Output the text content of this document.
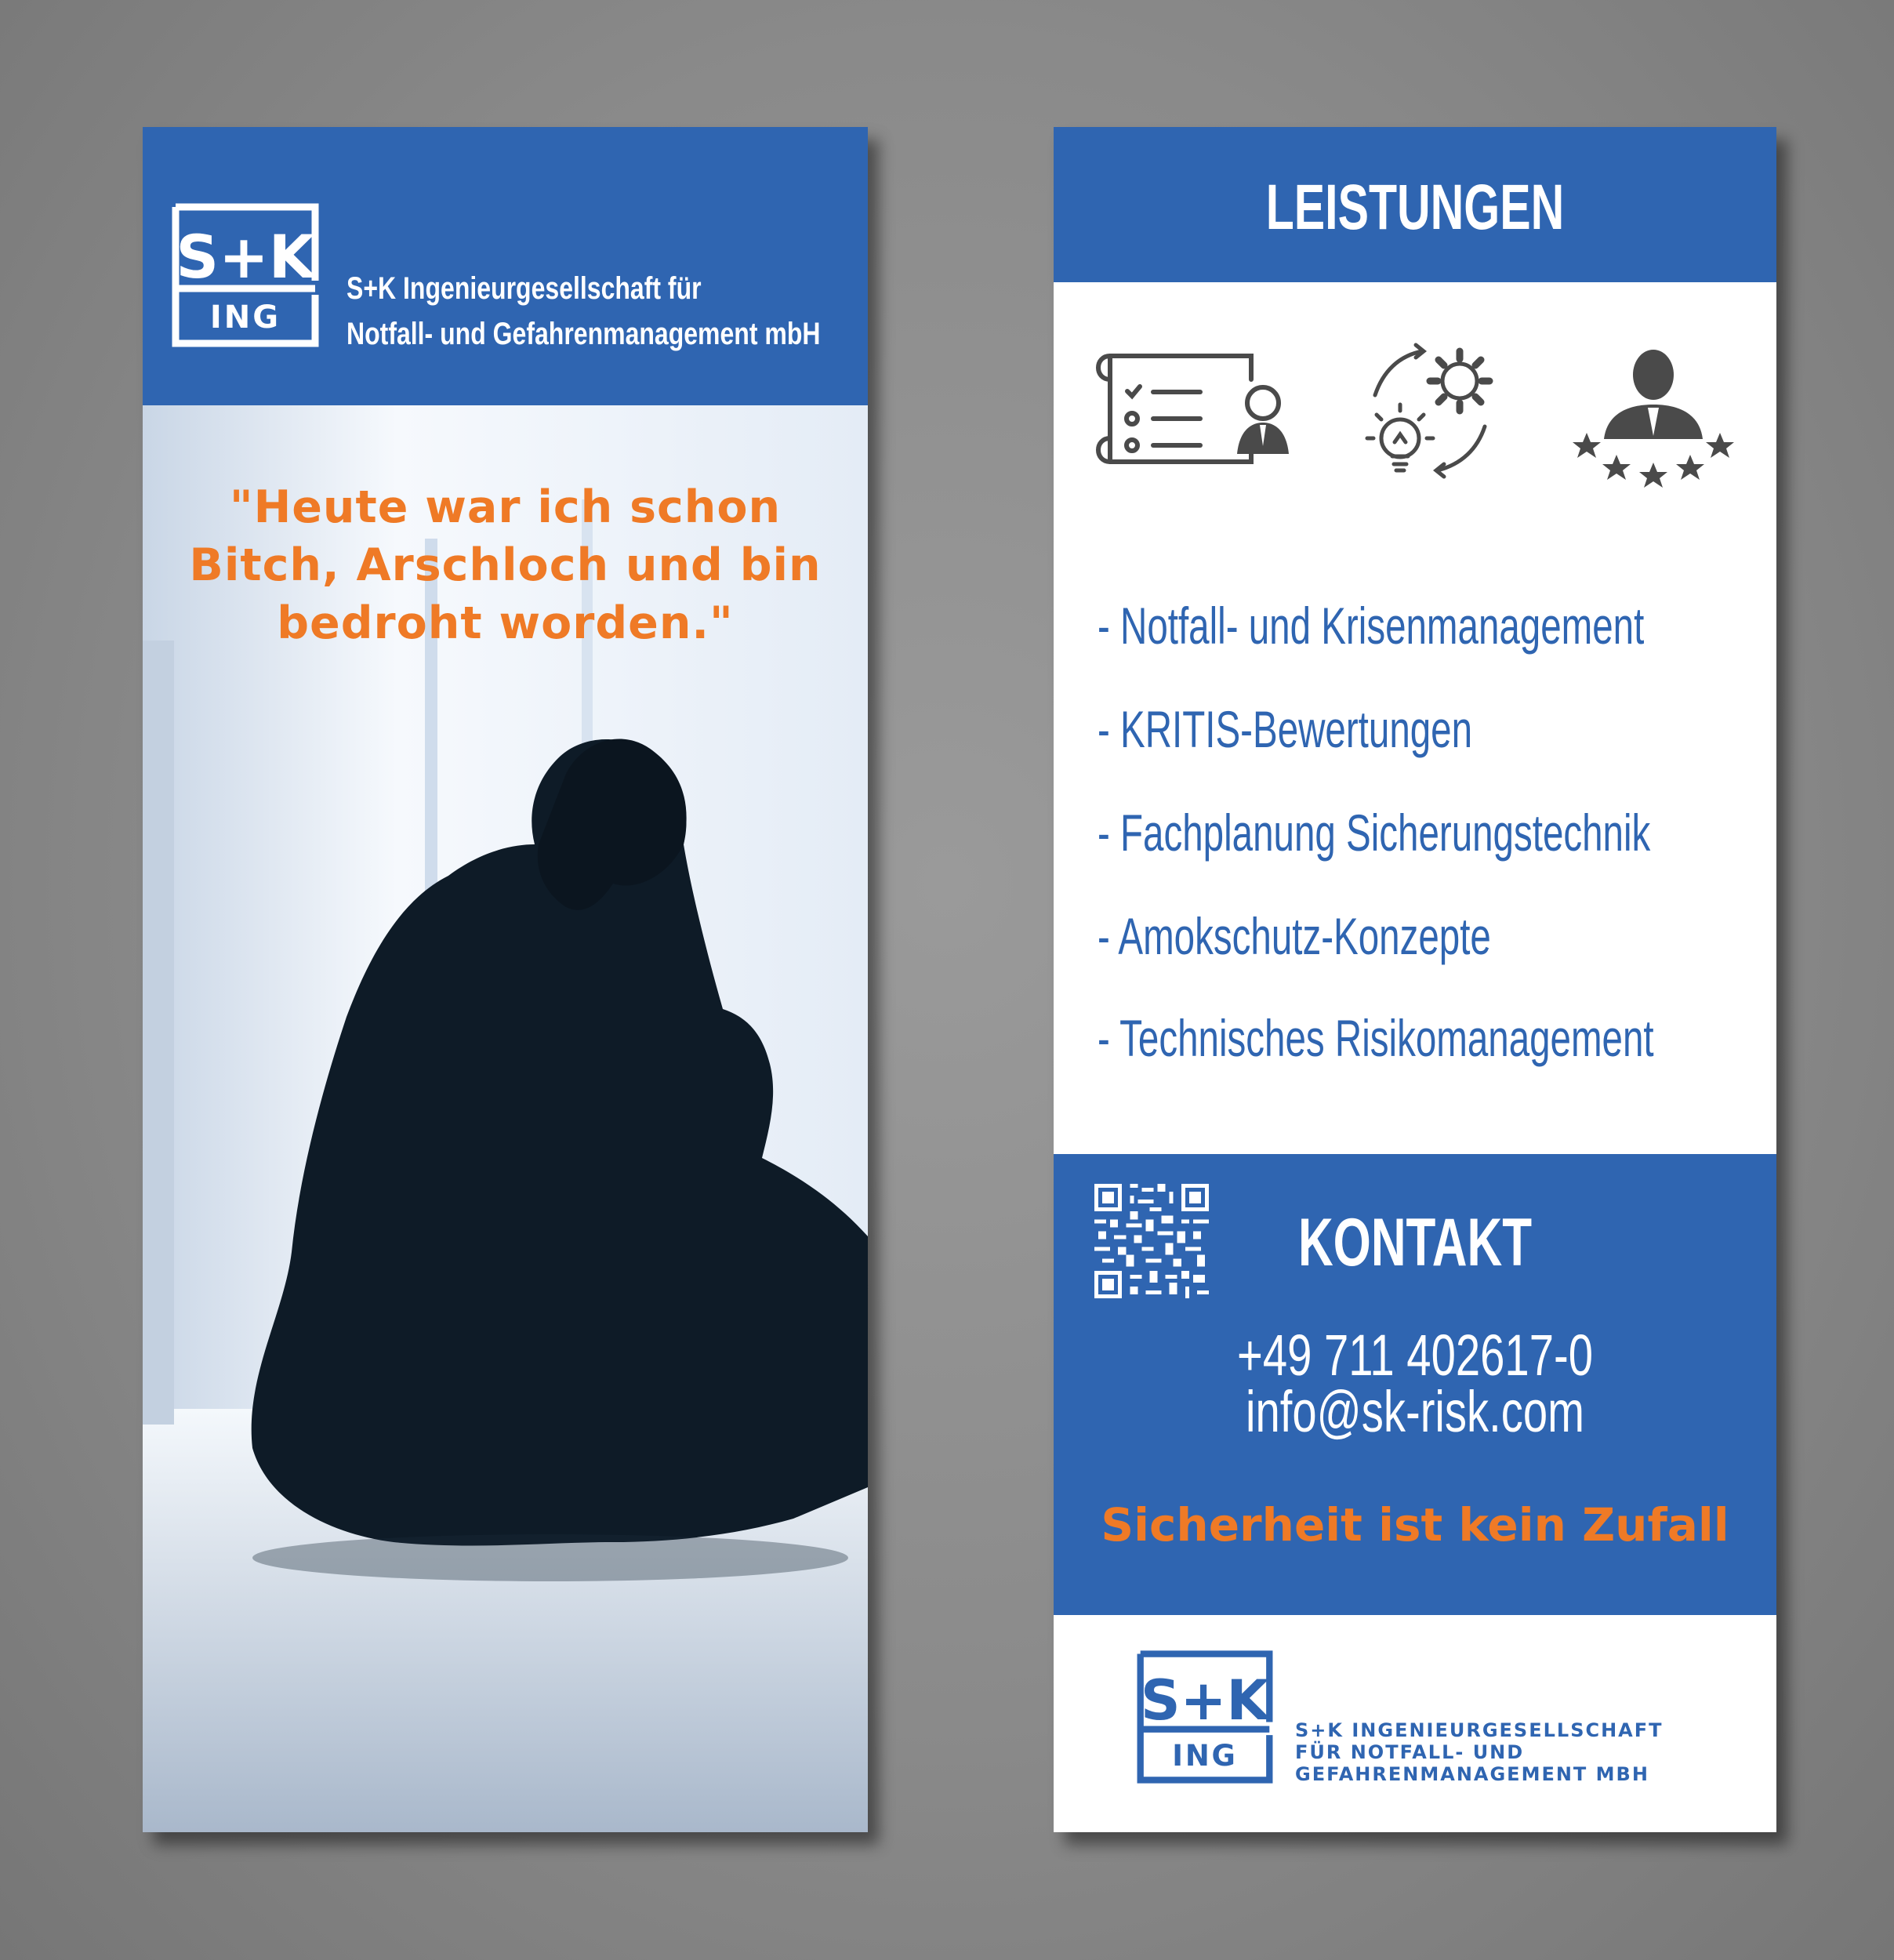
S+K
ING
S+K Ingenieurgesellschaft für
Notfall- und Gefahrenmanagement mbH
"Heute war ich schon
Bitch, Arschloch und bin
bedroht worden."
LEISTUNGEN
- Notfall- und Krisenmanagement
- KRITIS-Bewertungen
- Fachplanung Sicherungstechnik
- Amokschutz-Konzepte
- Technisches Risikomanagement
KONTAKT
+49 711 402617-0
info@sk-risk.com
Sicherheit ist kein Zufall
S+K
ING
S+K INGENIEURGESELLSCHAFT
FÜR NOTFALL- UND
GEFAHRENMANAGEMENT MBH
